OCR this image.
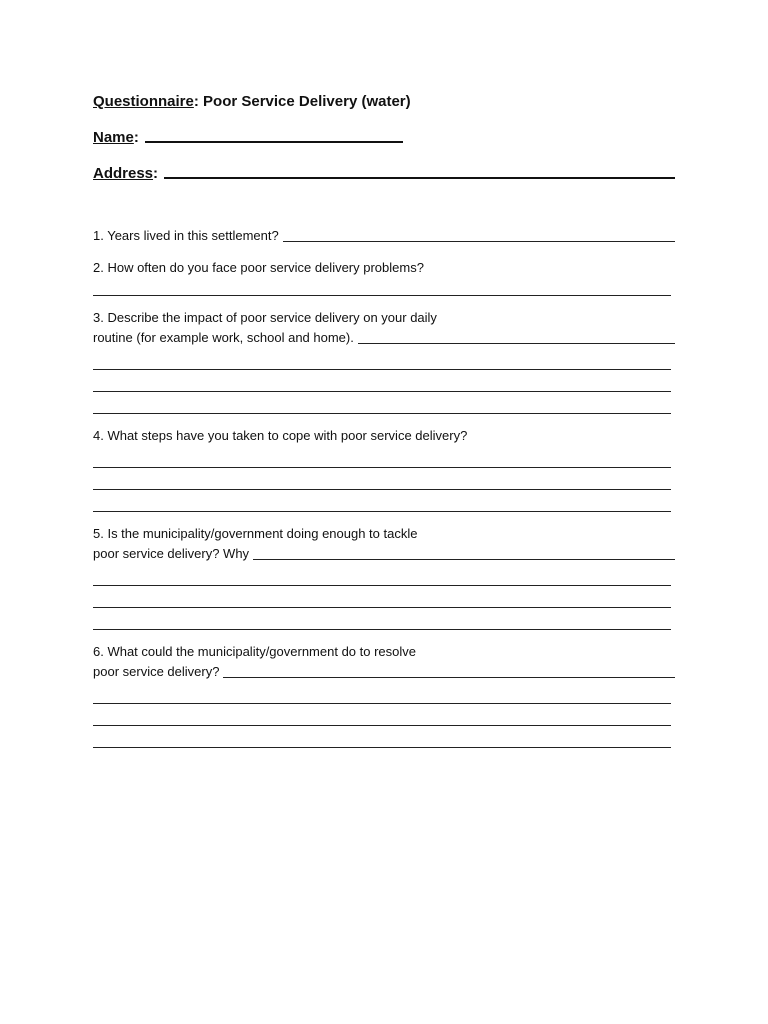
Questionnaire : Poor Service Delivery (water)
Name :
Address :
1. Years lived in this settlement?
2. How often do you face poor service delivery problems?
3. Describe the impact of poor service delivery on your daily
routine (for example work, school and home).
4. What steps have you taken to cope with poor service delivery?
5. Is the municipality/government doing enough to tackle
poor service delivery? Why
6. What could the municipality/government do to resolve
poor service delivery?
